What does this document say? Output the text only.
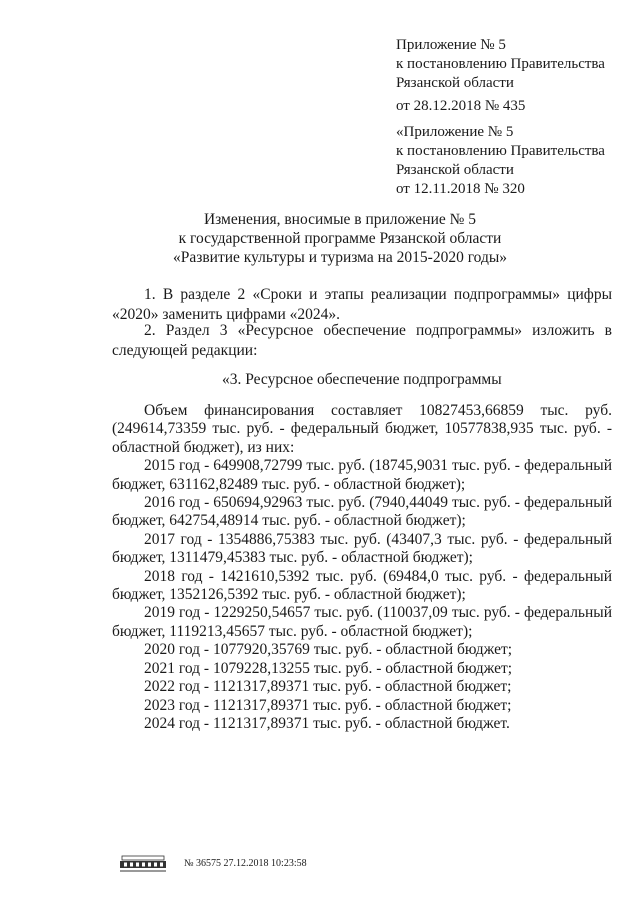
Приложение № 5
к постановлению Правительства
Рязанской области
от 28.12.2018 № 435
«Приложение № 5
к постановлению Правительства
Рязанской области
от 12.11.2018 № 320
Изменения, вносимые в приложение № 5
к государственной программе Рязанской области
«Развитие культуры и туризма на 2015-2020 годы»
1. В разделе 2 «Сроки и этапы реализации подпрограммы» цифры «2020» заменить цифрами «2024».
2. Раздел 3 «Ресурсное обеспечение подпрограммы» изложить в следующей редакции:
«3. Ресурсное обеспечение подпрограммы
Объем финансирования составляет 10827453,66859 тыс. руб. (249614,73359 тыс. руб. - федеральный бюджет, 10577838,935 тыс. руб. - областной бюджет), из них:
2015 год - 649908,72799 тыс. руб. (18745,9031 тыс. руб. - федеральный бюджет, 631162,82489 тыс. руб. - областной бюджет);
2016 год - 650694,92963 тыс. руб. (7940,44049 тыс. руб. - федеральный бюджет, 642754,48914 тыс. руб. - областной бюджет);
2017 год - 1354886,75383 тыс. руб. (43407,3 тыс. руб. - федеральный бюджет, 1311479,45383 тыс. руб. - областной бюджет);
2018 год - 1421610,5392 тыс. руб. (69484,0 тыс. руб. - федеральный бюджет, 1352126,5392 тыс. руб. - областной бюджет);
2019 год - 1229250,54657 тыс. руб. (110037,09 тыс. руб. - федеральный бюджет, 1119213,45657 тыс. руб. - областной бюджет);
2020 год - 1077920,35769 тыс. руб. - областной бюджет;
2021 год - 1079228,13255 тыс. руб. - областной бюджет;
2022 год - 1121317,89371 тыс. руб. - областной бюджет;
2023 год - 1121317,89371 тыс. руб. - областной бюджет;
2024 год - 1121317,89371 тыс. руб. - областной бюджет.
№ 36575 27.12.2018 10:23:58
